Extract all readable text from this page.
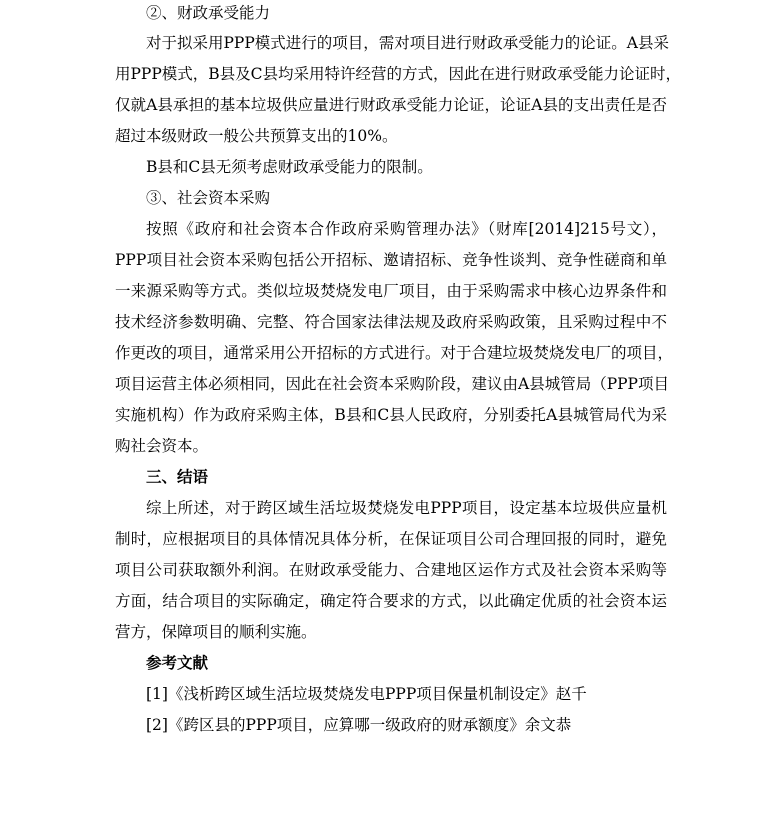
②、财政承受能力

对于拟采用PPP模式进行的项目，需对项目进行财政承受能力的论证。A县采

用PPP模式，B县及C县均采用特许经营的方式，因此在进行财政承受能力论证时，

仅就A县承担的基本垃圾供应量进行财政承受能力论证，论证A县的支出责任是否

超过本级财政一般公共预算支出的10%。

B县和C县无须考虑财政承受能力的限制。

③、社会资本采购

按照《政府和社会资本合作政府采购管理办法》（财库[2014]215号文），

PPP项目社会资本采购包括公开招标、邀请招标、竞争性谈判、竞争性磋商和单

一来源采购等方式。类似垃圾焚烧发电厂项目，由于采购需求中核心边界条件和

技术经济参数明确、完整、符合国家法律法规及政府采购政策，且采购过程中不

作更改的项目，通常采用公开招标的方式进行。对于合建垃圾焚烧发电厂的项目，

项目运营主体必须相同，因此在社会资本采购阶段，建议由A县城管局（PPP项目

实施机构）作为政府采购主体，B县和C县人民政府，分别委托A县城管局代为采

购社会资本。

三、结语

综上所述，对于跨区域生活垃圾焚烧发电PPP项目，设定基本垃圾供应量机

制时，应根据项目的具体情况具体分析，在保证项目公司合理回报的同时，避免

项目公司获取额外利润。在财政承受能力、合建地区运作方式及社会资本采购等

方面，结合项目的实际确定，确定符合要求的方式，以此确定优质的社会资本运

营方，保障项目的顺利实施。

参考文献

[1]《浅析跨区域生活垃圾焚烧发电PPP项目保量机制设定》赵千

[2]《跨区县的PPP项目，应算哪一级政府的财承额度》余文恭
